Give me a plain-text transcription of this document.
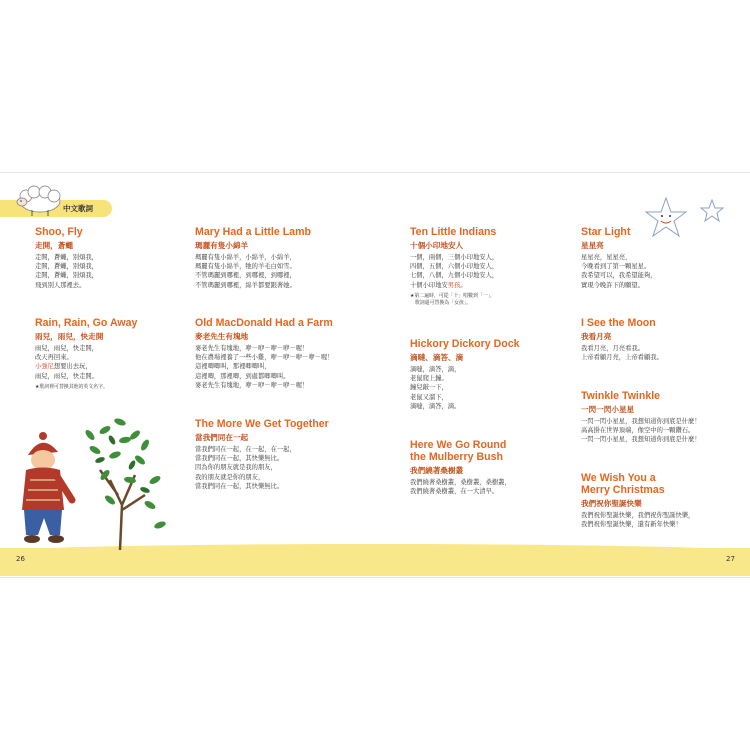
26	27
中文歌詞

Shoo, Fly

走開，蒼蠅
走開，蒼蠅，別煩我，
走開，蒼蠅，別煩我，
走開，蒼蠅，別煩我，
飛到別人那裡去。

Rain, Rain, Go Away

雨兒，雨兒，快走開
雨兒，雨兒，快走開，
改天再回來。
小強尼想要出去玩，
雨兒，雨兒，快走開。
★歌詞裡可替換其他的英文名字。

Mary Had a Little Lamb

瑪麗有隻小綿羊
瑪麗有隻小綿羊，小綿羊，小綿羊，
瑪麗有隻小綿羊，牠的羊毛白如雪。
不管瑪麗到哪裡，到哪裡，到哪裡，
不管瑪麗到哪裡，綿羊都要跟著她。

Old MacDonald Had a Farm

麥老先生有塊地
麥老先生有塊地，咿－咿－咿－咿－喔！
他在農場裡養了一些小雞，咿－咿－咿－咿－喔！
這裡唧唧叫，那裡唧唧叫，
這裡唧，那裡唧，到處都唧唧叫。
麥老先生有塊地，咿－咿－咿－咿－喔！

The More We Get Together

當我們同在一起
當我們同在一起，在一起，在一起，
當我們同在一起，其快樂無比。
因為你的朋友就是我的朋友，
我的朋友就是你的朋友，
當我們同在一起，其快樂無比。

Ten Little Indians

十個小印地安人
一個，兩個，三個小印地安人，
四個，五個，六個小印地安人，
七個，八個，九個小印地安人，
十個小印地安男孩。
★第二遍時，可從「十」唱數到「一」，
　歌詞還可替換為「女孩」。

Hickory Dickory Dock

滴噠、滴答、滴
滴噠，滴答，滴，
老鼠爬上鐘。
鐘兒敲一下，
老鼠又溜下，
滴噠，滴答，滴。

Here We Go Round
the Mulberry Bush

我們繞著桑樹叢
我們繞著桑樹叢，桑樹叢，桑樹叢，
我們繞著桑樹叢，在一大清早。

Star Light

星星亮
星星亮，星星亮，
今晚看到了第一顆星星。
我希望可以，我希望能夠，
實現今晚許下的願望。

I See the Moon

我看月亮
我看月亮，月亮看我。
上帝看顧月亮，上帝看顧我。

Twinkle Twinkle

一閃一閃小星星
一閃一閃小星星，我想知道你到底是什麼！
高高掛在世界頂端，像空中的一顆鑽石。
一閃一閃小星星，我想知道你到底是什麼！

We Wish You a
Merry Christmas

我們祝你聖誕快樂
我們祝你聖誕快樂，我們祝你聖誕快樂，
我們祝你聖誕快樂，還有新年快樂！
